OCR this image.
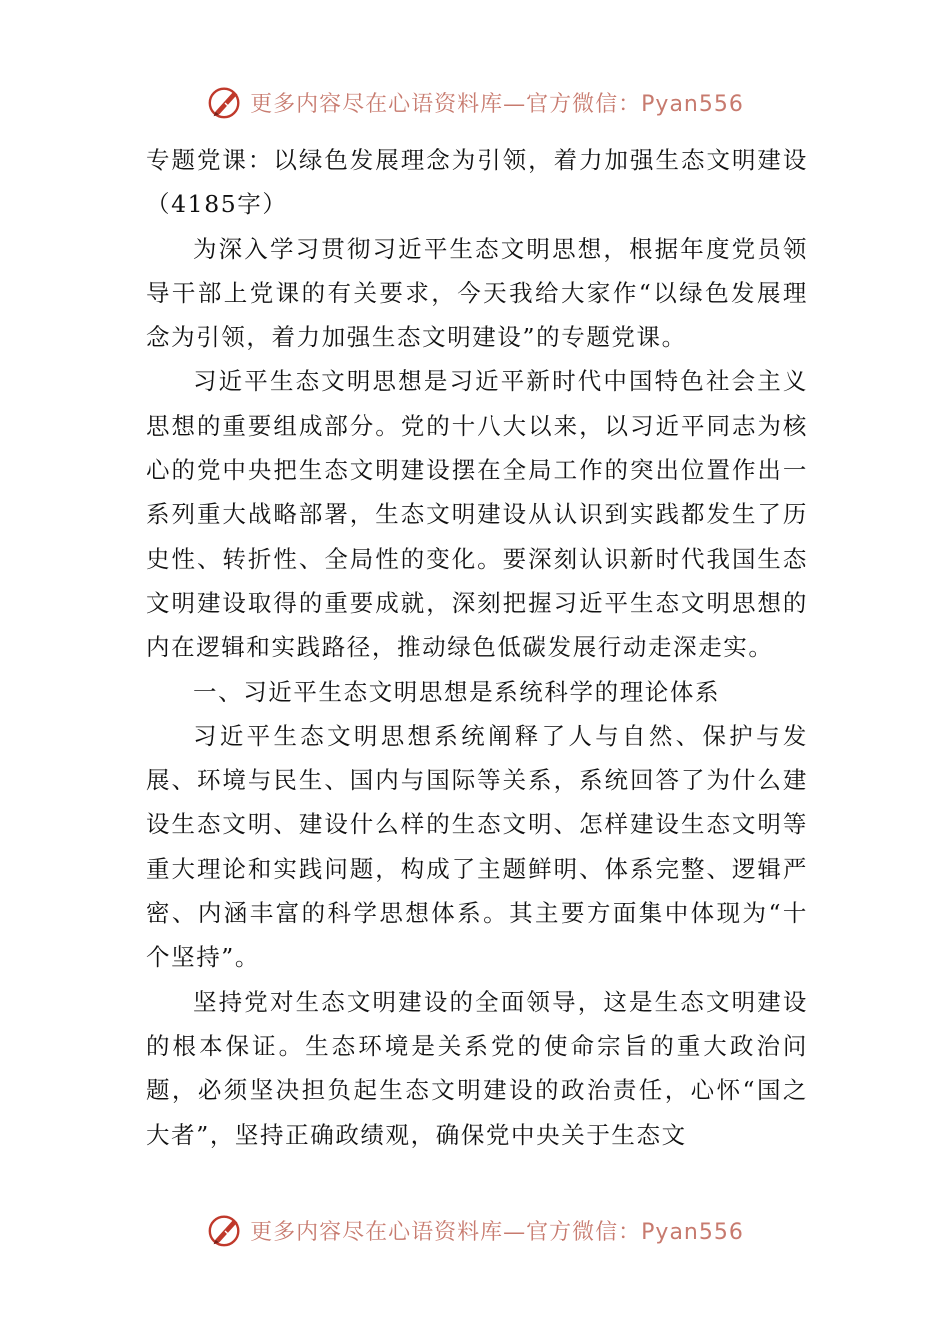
更多内容尽在心语资料库— 官方微信：Pyan556

专题党课：以绿色发展理念为引领，着力加强生态文明建设（4185字）

为深入学习贯彻习近平生态文明思想，根据年度党员领导干部上党课的有关要求，今天我给大家作“以绿色发展理念为引领，着力加强生态文明建设”的专题党课。

习近平生态文明思想是习近平新时代中国特色社会主义思想的重要组成部分。党的十八大以来，以习近平同志为核心的党中央把生态文明建设摆在全局工作的突出位置作出一系列重大战略部署，生态文明建设从认识到实践都发生了历史性、转折性、全局性的变化。要深刻认识新时代我国生态文明建设取得的重要成就，深刻把握习近平生态文明思想的内在逻辑和实践路径，推动绿色低碳发展行动走深走实。

一、习近平生态文明思想是系统科学的理论体系

习近平生态文明思想系统阐释了人与自然、保护与发展、环境与民生、国内与国际等关系，系统回答了为什么建设生态文明、建设什么样的生态文明、怎样建设生态文明等重大理论和实践问题，构成了主题鲜明、体系完整、逻辑严密、内涵丰富的科学思想体系。其主要方面集中体现为“十个坚持”。

坚持党对生态文明建设的全面领导，这是生态文明建设的根本保证。生态环境是关系党的使命宗旨的重大政治问题，必须坚决担负起生态文明建设的政治责任，心怀“国之大者”，坚持正确政绩观，确保党中央关于生态文

更多内容尽在心语资料库— 官方微信：Pyan556
